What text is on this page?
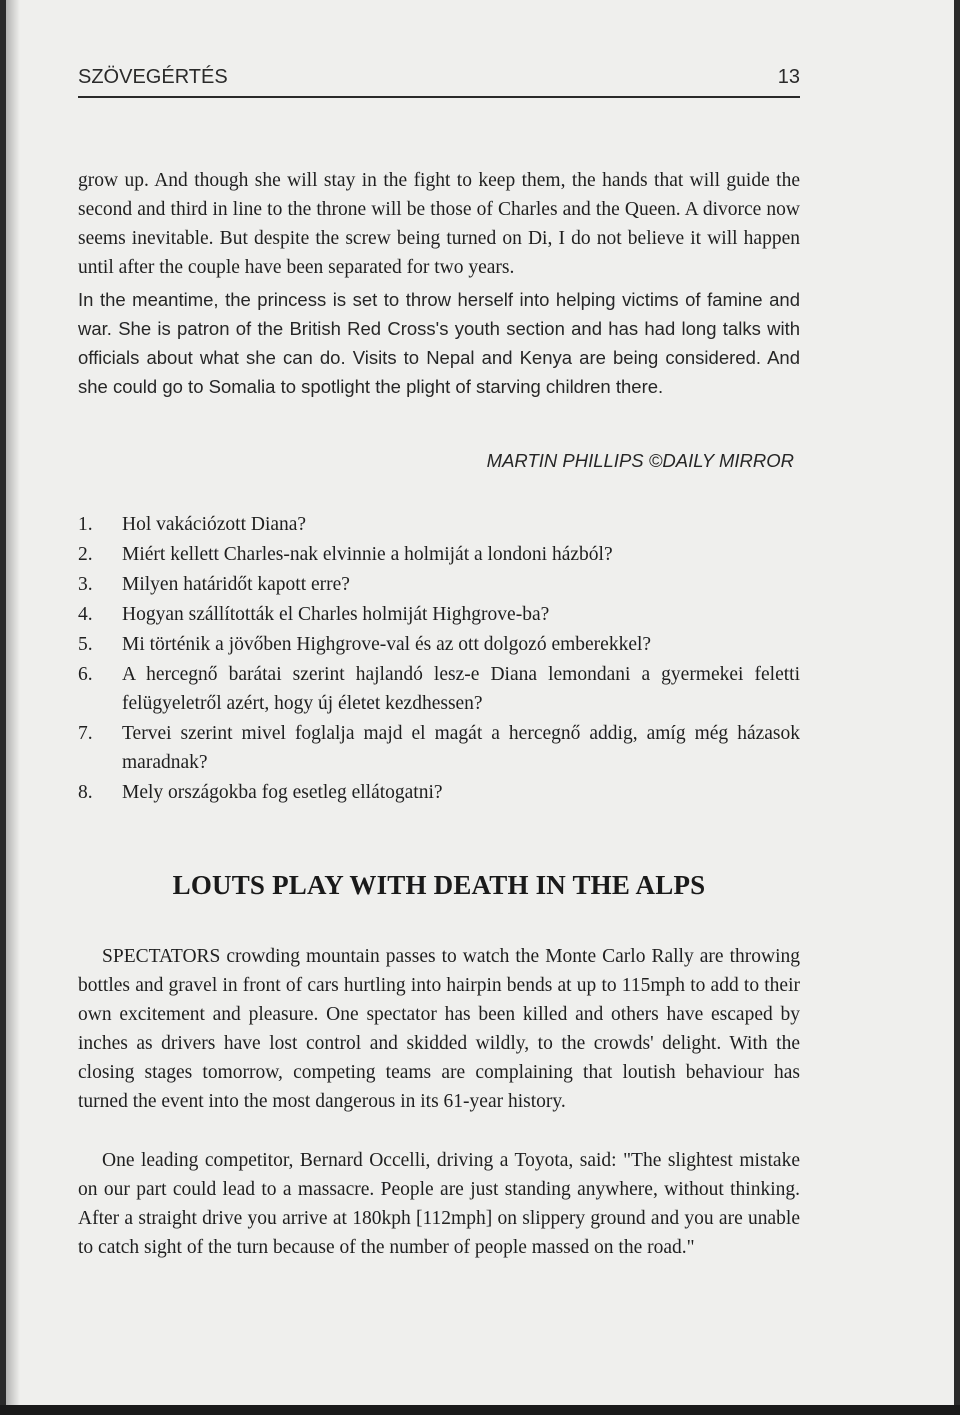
SZÖVEGÉRTÉS	13

grow up. And though she will stay in the fight to keep them, the hands that will guide the second and third in line to the throne will be those of Charles and the Queen. A divorce now seems inevitable. But despite the screw being turned on Di, I do not believe it will happen until after the couple have been separated for two years.

In the meantime, the princess is set to throw herself into helping victims of famine and war. She is patron of the British Red Cross's youth section and has had long talks with officials about what she can do. Visits to Nepal and Kenya are being considered. And she could go to Somalia to spotlight the plight of starving children there.

MARTIN PHILLIPS ©DAILY MIRROR
1. Hol vakációzott Diana?
2. Miért kellett Charles-nak elvinnie a holmiját a londoni házból?
3. Milyen határidőt kapott erre?
4. Hogyan szállították el Charles holmiját Highgrove-ba?
5. Mi történik a jövőben Highgrove-val és az ott dolgozó emberekkel?
6. A hercegnő barátai szerint hajlandó lesz-e Diana lemondani a gyermekei feletti felügyeletről azért, hogy új életet kezdhessen?
7. Tervei szerint mivel foglalja majd el magát a hercegnő addig, amíg még házasok maradnak?
8. Mely országokba fog esetleg ellátogatni?
LOUTS PLAY WITH DEATH IN THE ALPS

SPECTATORS crowding mountain passes to watch the Monte Carlo Rally are throwing bottles and gravel in front of cars hurtling into hairpin bends at up to 115mph to add to their own excitement and pleasure. One spectator has been killed and others have escaped by inches as drivers have lost control and skidded wildly, to the crowds' delight. With the closing stages tomorrow, competing teams are complaining that loutish behaviour has turned the event into the most dangerous in its 61-year history.

One leading competitor, Bernard Occelli, driving a Toyota, said: "The slightest mistake on our part could lead to a massacre. People are just standing anywhere, without thinking. After a straight drive you arrive at 180kph [112mph] on slippery ground and you are unable to catch sight of the turn because of the number of people massed on the road."
